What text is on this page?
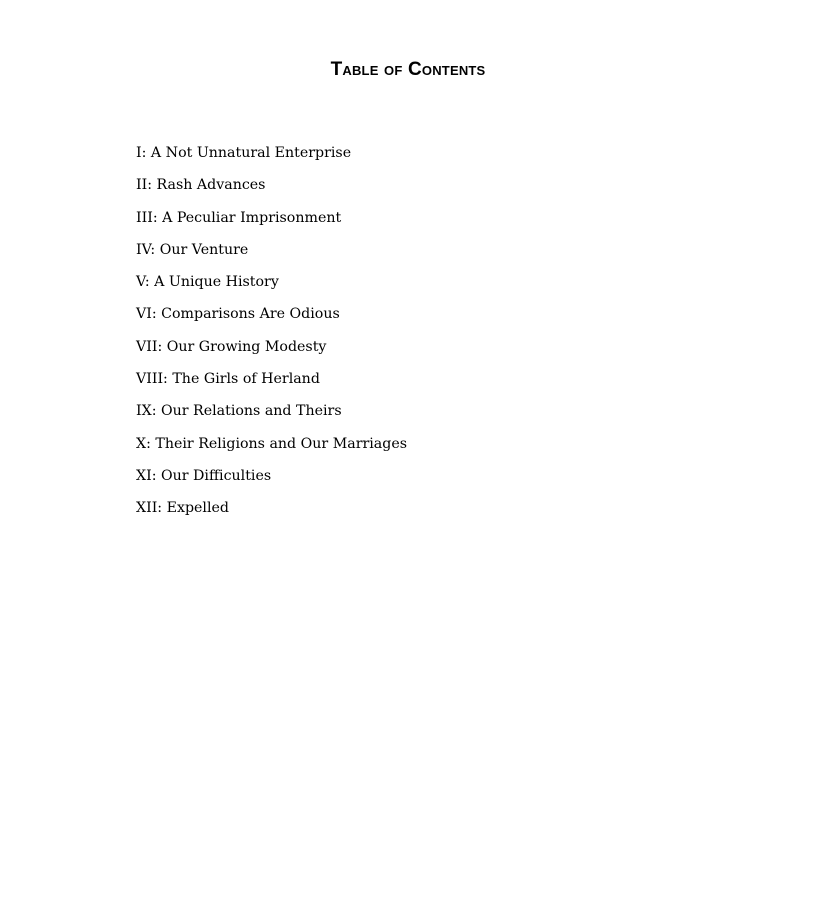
Table of Contents
I: A Not Unnatural Enterprise
II: Rash Advances
III: A Peculiar Imprisonment
IV: Our Venture
V: A Unique History
VI: Comparisons Are Odious
VII: Our Growing Modesty
VIII: The Girls of Herland
IX: Our Relations and Theirs
X: Their Religions and Our Marriages
XI: Our Difficulties
XII: Expelled
